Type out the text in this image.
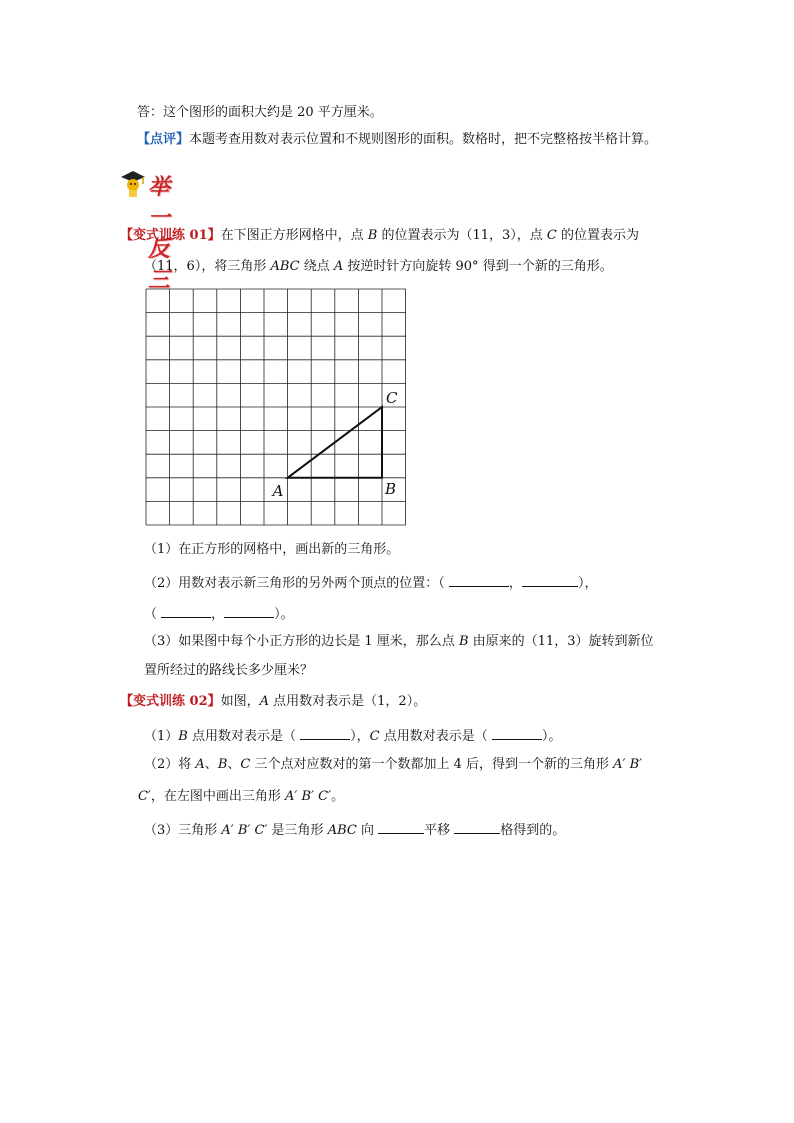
答：这个图形的面积大约是 20 平方厘米。
【点评】本题考查用数对表示位置和不规则图形的面积。数格时，把不完整格按半格计算。
举一反三
【变式训练 01】在下图正方形网格中，点 B 的位置表示为（11，3），点 C 的位置表示为
（11，6），将三角形 ABC 绕点 A 按逆时针方向旋转 90° 得到一个新的三角形。
A	B
C
（1）在正方形的网格中，画出新的三角形。
（2）用数对表示新三角形的另外两个顶点的位置：（	，	），
（	，	）。
（3）如果图中每个小正方形的边长是 1 厘米，那么点 B 由原来的（11，3）旋转到新位
置所经过的路线长多少厘米？
【变式训练 02】如图，A 点用数对表示是（1，2）。
（1）B 点用数对表示是（	），C 点用数对表示是（	）。
（2）将 A、B、C 三个点对应数对的第一个数都加上 4 后，得到一个新的三角形 A′ B′
C′，在左图中画出三角形 A′ B′ C′。
（3）三角形 A′ B′ C′ 是三角形 ABC 向	平移	格得到的。
